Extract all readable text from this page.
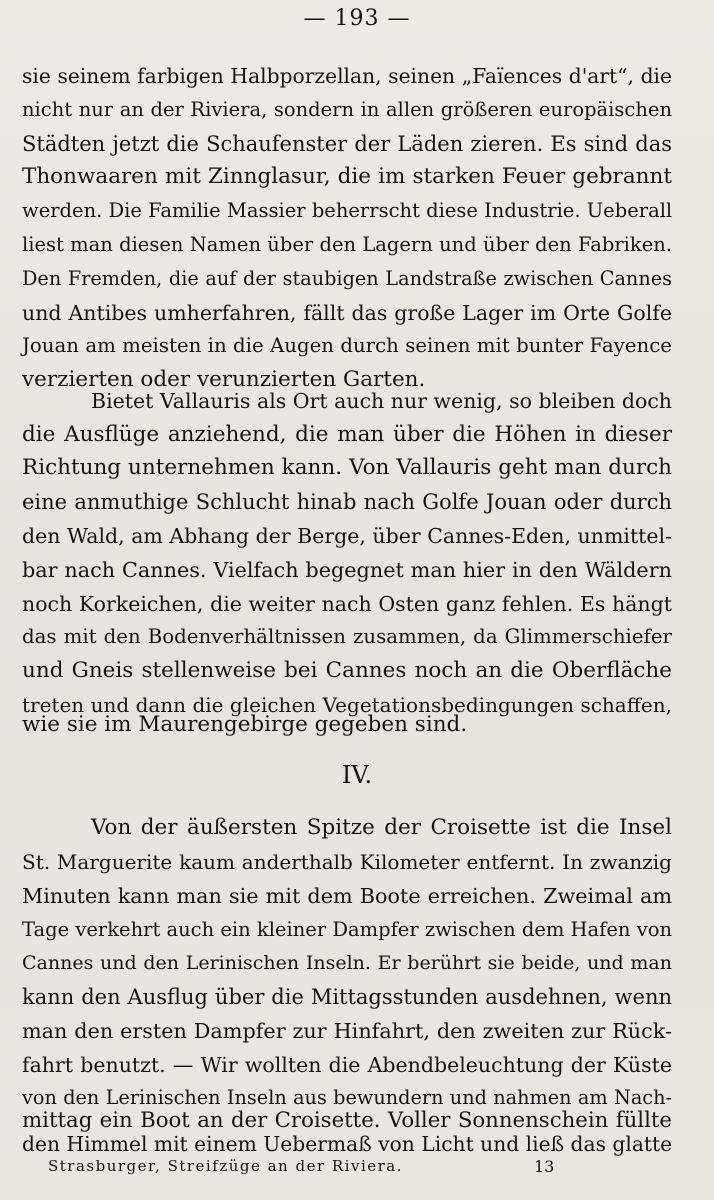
— 193 —
sie seinem farbigen Halbporzellan, seinen „Faïences d'art“, die
nicht nur an der Riviera, sondern in allen größeren europäischen
Städten jetzt die Schaufenster der Läden zieren. Es sind das
Thonwaaren mit Zinnglasur, die im starken Feuer gebrannt
werden. Die Familie Massier beherrscht diese Industrie. Ueberall
liest man diesen Namen über den Lagern und über den Fabriken.
Den Fremden, die auf der staubigen Landstraße zwischen Cannes
und Antibes umherfahren, fällt das große Lager im Orte Golfe
Jouan am meisten in die Augen durch seinen mit bunter Fayence
verzierten oder verunzierten Garten.
Bietet Vallauris als Ort auch nur wenig, so bleiben doch
die Ausflüge anziehend, die man über die Höhen in dieser
Richtung unternehmen kann. Von Vallauris geht man durch
eine anmuthige Schlucht hinab nach Golfe Jouan oder durch
den Wald, am Abhang der Berge, über Cannes-Eden, unmittel-
bar nach Cannes. Vielfach begegnet man hier in den Wäldern
noch Korkeichen, die weiter nach Osten ganz fehlen. Es hängt
das mit den Bodenverhältnissen zusammen, da Glimmerschiefer
und Gneis stellenweise bei Cannes noch an die Oberfläche
treten und dann die gleichen Vegetationsbedingungen schaffen,
wie sie im Maurengebirge gegeben sind.
IV.
Von der äußersten Spitze der Croisette ist die Insel
St. Marguerite kaum anderthalb Kilometer entfernt. In zwanzig
Minuten kann man sie mit dem Boote erreichen. Zweimal am
Tage verkehrt auch ein kleiner Dampfer zwischen dem Hafen von
Cannes und den Lerinischen Inseln. Er berührt sie beide, und man
kann den Ausflug über die Mittagsstunden ausdehnen, wenn
man den ersten Dampfer zur Hinfahrt, den zweiten zur Rück-
fahrt benutzt. — Wir wollten die Abendbeleuchtung der Küste
von den Lerinischen Inseln aus bewundern und nahmen am Nach-
mittag ein Boot an der Croisette. Voller Sonnenschein füllte
den Himmel mit einem Uebermaß von Licht und ließ das glatte
Strasburger, Streifzüge an der Riviera.	13
